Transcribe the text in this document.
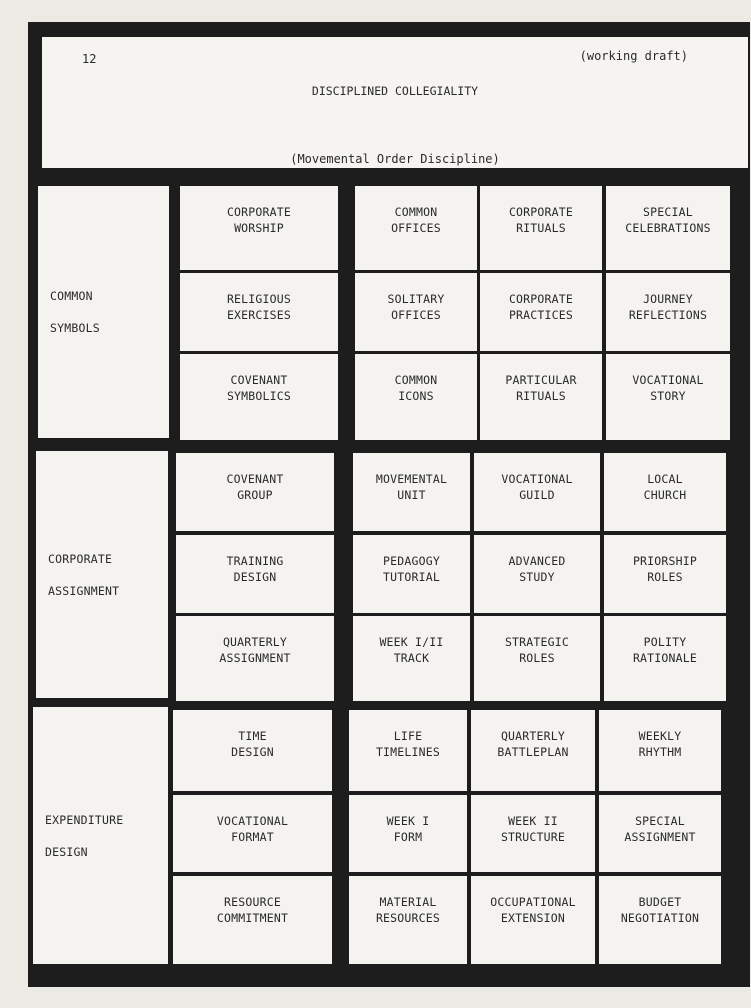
12	(working draft)
DISCIPLINED COLLEGIALITY
(Movemental Order Discipline)
COMMON

SYMBOLS
CORPORATE
WORSHIP
COMMON
OFFICES
CORPORATE
RITUALS
SPECIAL
CELEBRATIONS
RELIGIOUS
EXERCISES
SOLITARY
OFFICES
CORPORATE
PRACTICES
JOURNEY
REFLECTIONS
COVENANT
SYMBOLICS
COMMON
ICONS
PARTICULAR
RITUALS
VOCATIONAL
STORY
CORPORATE

ASSIGNMENT
COVENANT
GROUP
MOVEMENTAL
UNIT
VOCATIONAL
GUILD
LOCAL
CHURCH
TRAINING
DESIGN
PEDAGOGY
TUTORIAL
ADVANCED
STUDY
PRIORSHIP
ROLES
QUARTERLY
ASSIGNMENT
WEEK I/II
TRACK
STRATEGIC
ROLES
POLITY
RATIONALE
EXPENDITURE

DESIGN
TIME
DESIGN
LIFE
TIMELINES
QUARTERLY
BATTLEPLAN
WEEKLY
RHYTHM
VOCATIONAL
FORMAT
WEEK I
FORM
WEEK II
STRUCTURE
SPECIAL
ASSIGNMENT
RESOURCE
COMMITMENT
MATERIAL
RESOURCES
OCCUPATIONAL
EXTENSION
BUDGET
NEGOTIATION
